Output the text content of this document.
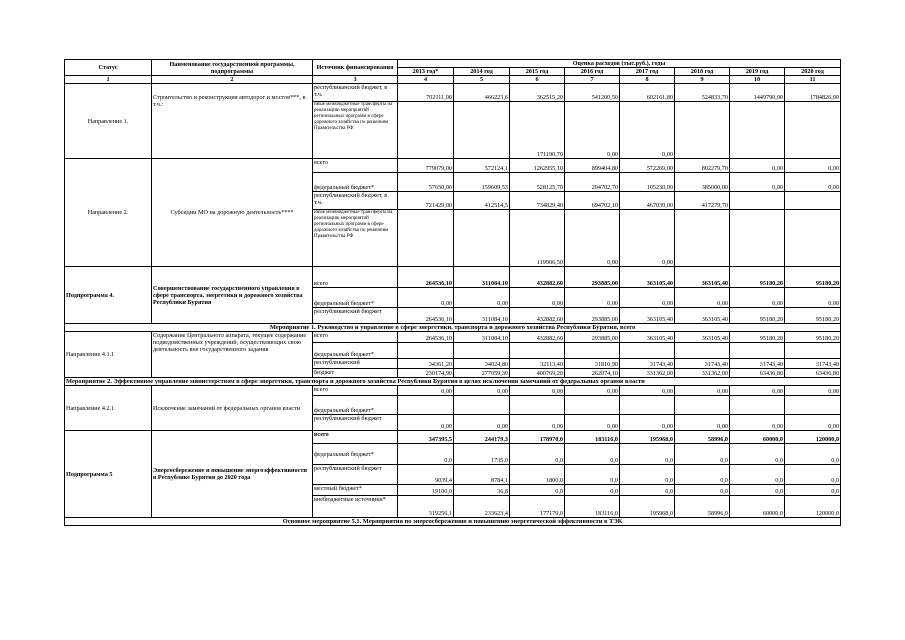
Статус	Наименование государственной программы, подпрограммы	Источник финансирования	Оценка расходов (тыс.руб.), годы							
			2013 год*	2014 год	2015 год	2016 год	2017 год	2018 год	2019 год	2020 год
1	2	3	4	5	6	7	8	9	10	11
Направление 1.	Строительство и реконструкция автодорог и мостов***, в т.ч.:	республиканский бюджет, в т.ч.	702111,00	466223,6	362515,20	541200,50	602161,80	524833,70	1449790,00	1784826,00
		иные межбюджетные трансферты на реализацию мероприятий региональных программ в сфере дорожного хозяйства по решениям Правительства РФ			171190,70	0,00	0,00			
Направление 2.	Субсидии МО на дорожную деятельность****	всего	779079,00	572124,1	1262955,10	899404,80	572269,00	802279,70	0,00	0,00
		федеральный бюджет*	57650,00	159609,53	528125,70	204702,70	105230,00	385000,00	0,00	0,00
		республиканский бюджет, в т.ч.	721429,00	412514,5	734829,40	694702,10	467039,00	417279,70		
		иные межбюджетные трансферты на реализацию мероприятий региональных программ в сфере дорожного хозяйства по решениям Правительства РФ			119906,50	0,00	0,00			
Подпрограмма 4.	Совершенствование государственного управления в сфере транспорта, энергетики и дорожного хозяйства Республики Бурятия	всего	264536,10	311084,10	432882,60	293885,00	363105,40	363105,40	95180,20	95180,20
		федеральный бюджет*	0,00	0,00	0,00	0,00	0,00	0,00	0,00	0,00
		республиканский бюджет	264536,10	311084,10	432882,60	293885,00	363105,40	363105,40	95180,20	95180,20
Мероприятие 1. Руководство и управление в сфере энергетики, транспорта и дорожного хозяйства Республики Бурятия, всего										
Направление 4.1.1	Содержание Центрального аппарата, текущее содержание подведомственных учреждений, осуществляющих свою деятельность вне государственного задания	всего	264536,10	311084,10	432882,60	293885,00	363105,40	363105,40	95180,20	95180,20
		федеральный бюджет*								
		республиканский	34361,20	34024,80	32113,40	31810,90	31743,40	31743,40	31743,40	31743,40
		бюджет	230174,90	277059,30	400769,20	262074,10	331362,00	331362,00	63436,80	63436,80
Мероприятие 2. Эффективное управление министерством в сфере энергетики, транспорта и дорожного хозяйства Республики Бурятия в целях исключения замечаний от федеральных органов власти										
Направление 4.2.1	Исключение замечаний от федеральных органов власти	всего	0,00	0,00	0,00	0,00	0,00	0,00	0,00	0,00
		федеральный бюджет*								
		республиканский бюджет	0,00	0,00	0,00	0,00	0,00	0,00	0,00	0,00
Подпрограмма 5	Энергосбережение и повышение энергоэффективности в Республике Бурятия до 2020 года	всего	347395,5	244179,3	178970,0	183116,0	195968,0	58996,0	60000,0	120000,0
		федеральный бюджет*	0,0	1735,0	0,0	0,0	0,0	0,0	0,0	0,0
		республиканский бюджет	9039,4	8784,1	1800,0	0,0	0,0	0,0	0,0	0,0
		местный бюджет*	19100,0	36,8	0,0	0,0	0,0	0,0	0,0	0,0
		внебюджетные источники*	319256,1	233623,4	177170,0	183116,0	195968,0	58996,0	60000,0	120000,0
Основное мероприятие 5.1. Мероприятия по энергосбережению и повышению энергетической эффективности в ТЭК										
